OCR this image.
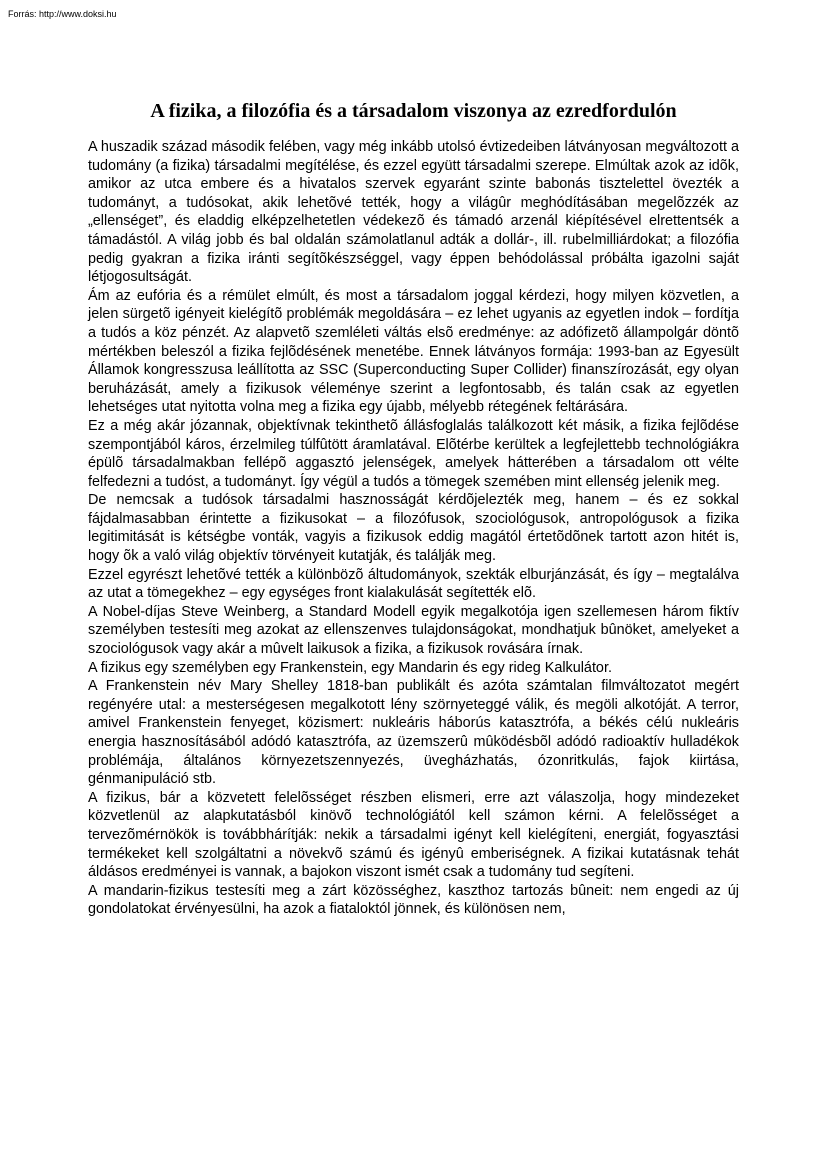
Forrás: http://www.doksi.hu

A fizika, a filozófia és a társadalom viszonya az ezredfordulón

A huszadik század második felében, vagy még inkább utolsó évtizedeiben látványosan megváltozott a tudomány (a fizika) társadalmi megítélése, és ezzel együtt társadalmi szerepe. Elmúltak azok az idõk, amikor az utca embere és a hivatalos szervek egyaránt szinte babonás tisztelettel övezték a tudományt, a tudósokat, akik lehetõvé tették, hogy a világûr meghódításában megelõzzék az „ellenséget”, és eladdig elképzelhetetlen védekezõ és támadó arzenál kiépítésével elrettentsék a támadástól. A világ jobb és bal oldalán számolatlanul adták a dollár-, ill. rubelmilliárdokat; a filozófia pedig gyakran a fizika iránti segítõkészséggel, vagy éppen behódolással próbálta igazolni saját létjogosultságát.

Ám az eufória és a rémület elmúlt, és most a társadalom joggal kérdezi, hogy milyen közvetlen, a jelen sürgetõ igényeit kielégítõ problémák megoldására – ez lehet ugyanis az egyetlen indok – fordítja a tudós a köz pénzét. Az alapvetõ szemléleti váltás elsõ eredménye: az adófizetõ állampolgár döntõ mértékben beleszól a fizika fejlõdésének menetébe. Ennek látványos formája: 1993-ban az Egyesült Államok kongresszusa leállította az SSC (Superconducting Super Collider) finanszírozását, egy olyan beruházását, amely a fizikusok véleménye szerint a legfontosabb, és talán csak az egyetlen lehetséges utat nyitotta volna meg a fizika egy újabb, mélyebb rétegének feltárására.

Ez a még akár józannak, objektívnak tekinthetõ állásfoglalás találkozott két másik, a fizika fejlõdése szempontjából káros, érzelmileg túlfûtött áramlatával. Elõtérbe kerültek a legfejlettebb technológiákra épülõ társadalmakban fellépõ aggasztó jelenségek, amelyek hátterében a társadalom ott vélte felfedezni a tudóst, a tudományt. Így végül a tudós a tömegek szemében mint ellenség jelenik meg.

De nemcsak a tudósok társadalmi hasznosságát kérdõjelezték meg, hanem – és ez sokkal fájdalmasabban érintette a fizikusokat – a filozófusok, szociológusok, antropológusok a fizika legitimitását is kétségbe vonták, vagyis a fizikusok eddig magától értetõdõnek tartott azon hitét is, hogy õk a való világ objektív törvényeit kutatják, és találják meg.

Ezzel egyrészt lehetõvé tették a különbözõ áltudományok, szekták elburjánzását, és így – megtalálva az utat a tömegekhez – egy egységes front kialakulását segítették elõ.

A Nobel-díjas Steve Weinberg, a Standard Modell egyik megalkotója igen szellemesen három fiktív személyben testesíti meg azokat az ellenszenves tulajdonságokat, mondhatjuk bûnöket, amelyeket a szociológusok vagy akár a mûvelt laikusok a fizika, a fizikusok rovására írnak.

A fizikus egy személyben egy Frankenstein, egy Mandarin és egy rideg Kalkulátor.

A Frankenstein név Mary Shelley 1818-ban publikált és azóta számtalan filmváltozatot megért regényére utal: a mesterségesen megalkotott lény szörnyeteggé válik, és megöli alkotóját. A terror, amivel Frankenstein fenyeget, közismert: nukleáris háborús katasztrófa, a békés célú nukleáris energia hasznosításából adódó katasztrófa, az üzemszerû mûködésbõl adódó radioaktív hulladékok problémája, általános környezetszennyezés, üvegházhatás, ózonritkulás, fajok kiirtása, génmanipuláció stb.

A fizikus, bár a közvetett felelõsséget részben elismeri, erre azt válaszolja, hogy mindezeket közvetlenül az alapkutatásból kinövõ technológiától kell számon kérni. A felelõsséget a tervezõmérnökök is továbbhárítják: nekik a társadalmi igényt kell kielégíteni, energiát, fogyasztási termékeket kell szolgáltatni a növekvõ számú és igényû emberiségnek. A fizikai kutatásnak tehát áldásos eredményei is vannak, a bajokon viszont ismét csak a tudomány tud segíteni.

A mandarin-fizikus testesíti meg a zárt közösséghez, kaszthoz tartozás bûneit: nem engedi az új gondolatokat érvényesülni, ha azok a fiataloktól jönnek, és különösen nem,
